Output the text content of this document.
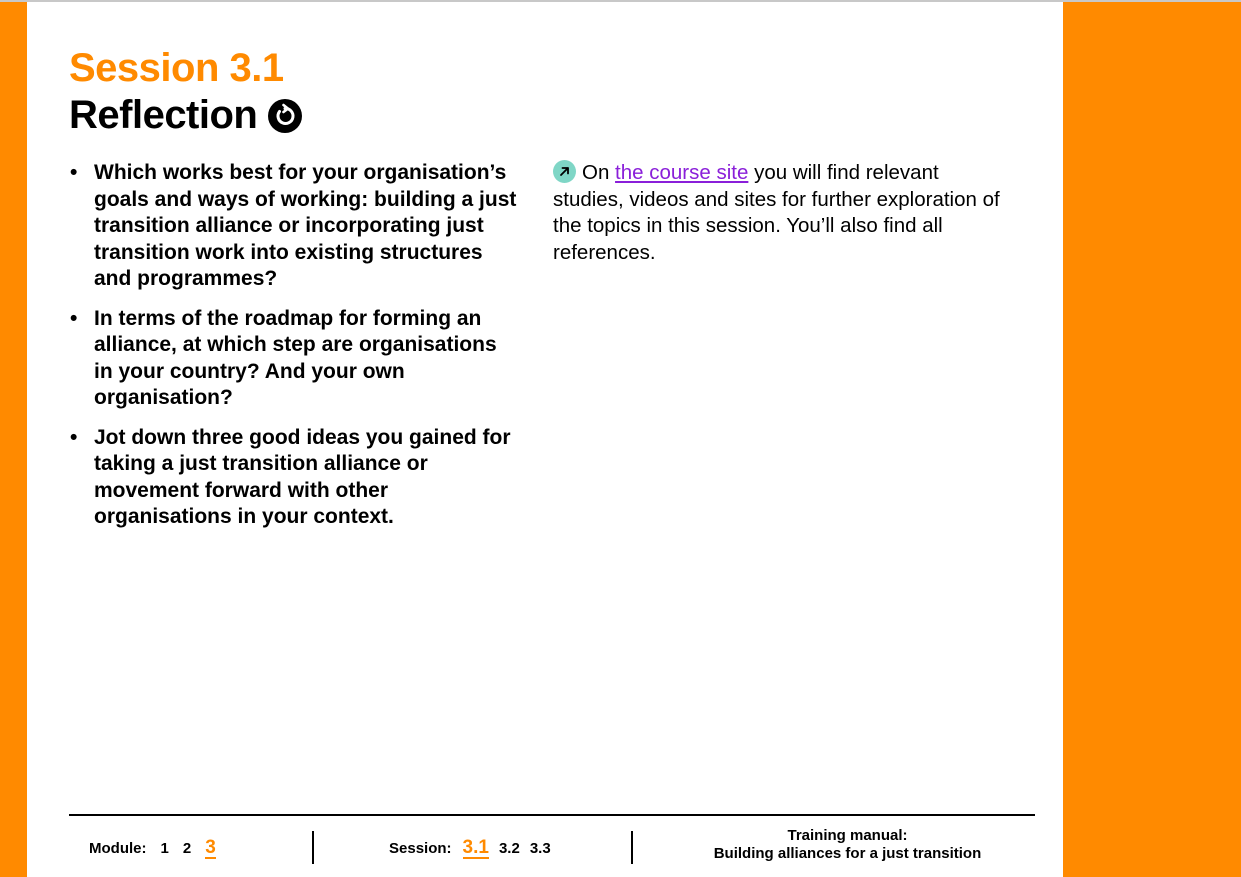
Session 3.1
Reflection
• Which works best for your organisation’s goals and ways of working: building a just transition alliance or incorporating just transition work into existing structures and programmes?
• In terms of the roadmap for forming an alliance, at which step are organisations in your country? And your own organisation?
• Jot down three good ideas you gained for taking a just transition alliance or movement forward with other organisations in your context.

On the course site you will find relevant studies, videos and sites for further exploration of the topics in this session. You’ll also find all references.

Module: 1 2 3	Session: 3.1 3.2 3.3
Training manual:
Building alliances for a just transition
